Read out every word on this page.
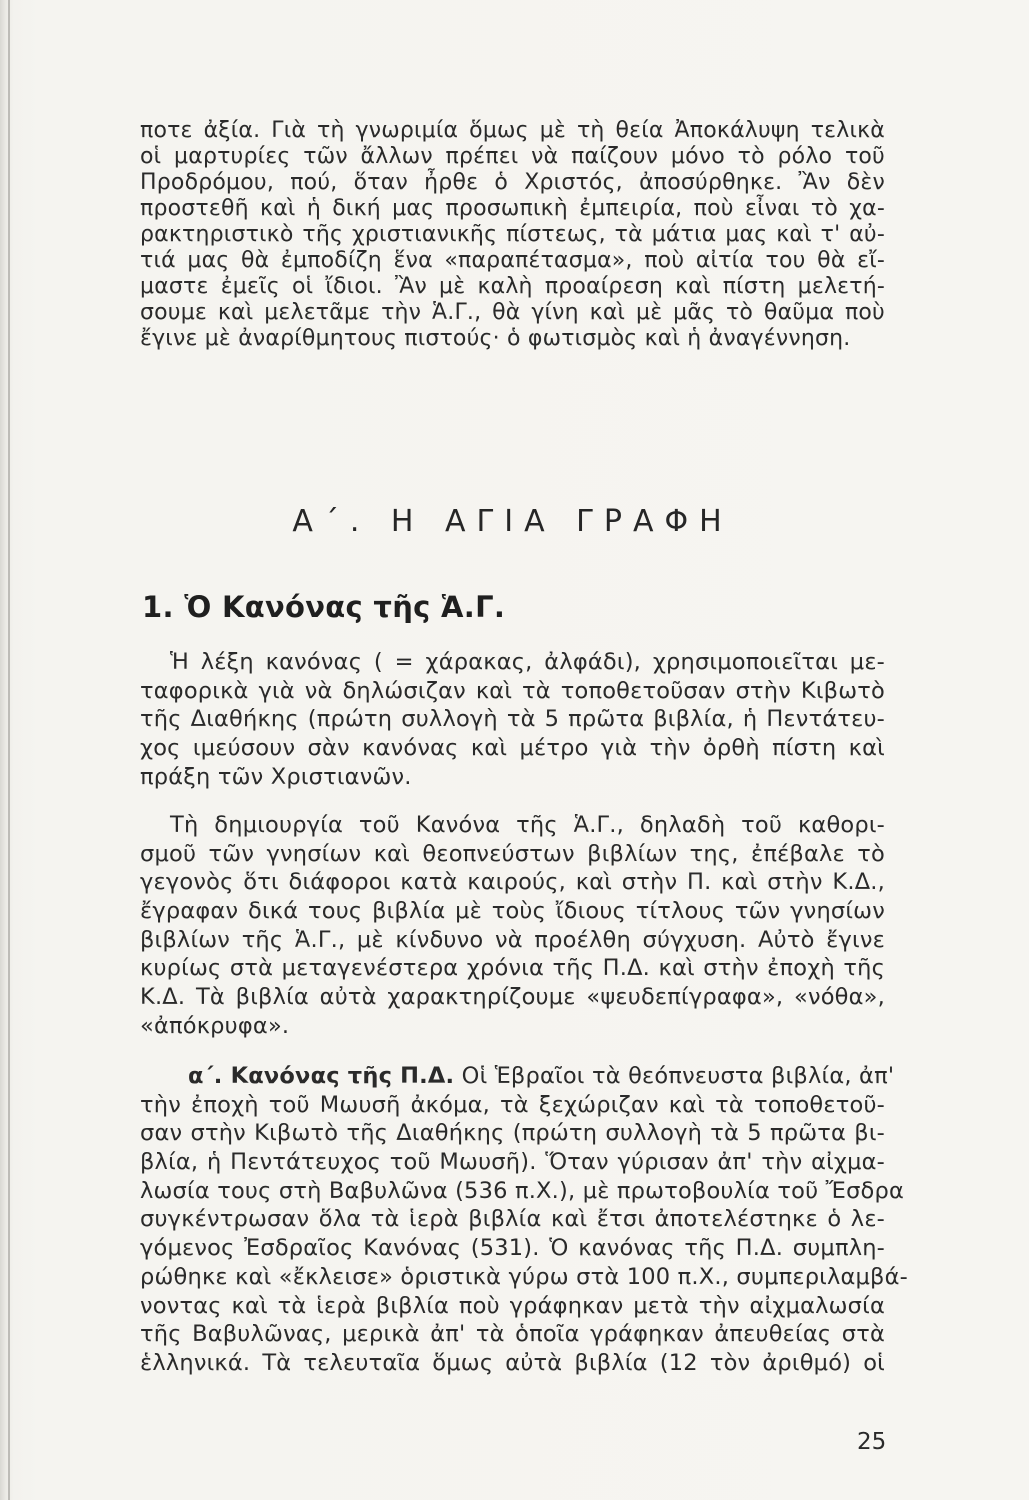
ποτε ἀξία. Γιὰ τὴ γνωριμία ὅμως μὲ τὴ θεία Ἀποκάλυψη τελικὰ
οἱ μαρτυρίες τῶν ἄλλων πρέπει νὰ παίζουν μόνο τὸ ρόλο τοῦ
Προδρόμου, πού, ὅταν ἦρθε ὁ Χριστός, ἀποσύρθηκε. Ἂν δὲν
προστεθῆ καὶ ἡ δική μας προσωπικὴ ἐμπειρία, ποὺ εἶναι τὸ χα-
ρακτηριστικὸ τῆς χριστιανικῆς πίστεως, τὰ μάτια μας καὶ τ' αὐ-
τιά μας θὰ ἐμποδίζη ἕνα «παραπέτασμα», ποὺ αἰτία του θὰ εἴ-
μαστε ἐμεῖς οἱ ἴδιοι. Ἂν μὲ καλὴ προαίρεση καὶ πίστη μελετή-
σουμε καὶ μελετᾶμε τὴν Ἁ.Γ., θὰ γίνη καὶ μὲ μᾶς τὸ θαῦμα ποὺ
ἔγινε μὲ ἀναρίθμητους πιστούς· ὁ φωτισμὸς καὶ ἡ ἀναγέννηση.
Α΄. Η ΑΓΙΑ ΓΡΑΦΗ
1. Ὁ Κανόνας τῆς Ἁ.Γ.
Ἡ λέξη κανόνας ( = χάρακας, ἀλφάδι), χρησιμοποιεῖται με-
ταφορικὰ γιὰ νὰ δηλώσιζαν καὶ τὰ τοποθετοῦσαν στὴν Κιβωτὸ
τῆς Διαθήκης (πρώτη συλλογὴ τὰ 5 πρῶτα βιβλία, ἡ Πεντάτευ-
χος ιμεύσουν σὰν κανόνας καὶ μέτρο γιὰ τὴν ὀρθὴ πίστη καὶ
πράξη τῶν Χριστιανῶν.
Τὴ δημιουργία τοῦ Κανόνα τῆς Ἁ.Γ., δηλαδὴ τοῦ καθορι-
σμοῦ τῶν γνησίων καὶ θεοπνεύστων βιβλίων της, ἐπέβαλε τὸ
γεγονὸς ὅτι διάφοροι κατὰ καιρούς, καὶ στὴν Π. καὶ στὴν Κ.Δ.,
ἔγραφαν δικά τους βιβλία μὲ τοὺς ἴδιους τίτλους τῶν γνησίων
βιβλίων τῆς Ἁ.Γ., μὲ κίνδυνο νὰ προέλθη σύγχυση. Αὐτὸ ἔγινε
κυρίως στὰ μεταγενέστερα χρόνια τῆς Π.Δ. καὶ στὴν ἐποχὴ τῆς
Κ.Δ. Τὰ βιβλία αὐτὰ χαρακτηρίζουμε «ψευδεπίγραφα», «νόθα»,
«ἀπόκρυφα».
α΄. Κανόνας τῆς Π.Δ. Οἱ Ἑβραῖοι τὰ θεόπνευστα βιβλία, ἀπ'
τὴν ἐποχὴ τοῦ Μωυσῆ ἀκόμα, τὰ ξεχώριζαν καὶ τὰ τοποθετοῦ-
σαν στὴν Κιβωτὸ τῆς Διαθήκης (πρώτη συλλογὴ τὰ 5 πρῶτα βι-
βλία, ἡ Πεντάτευχος τοῦ Μωυσῆ). Ὅταν γύρισαν ἀπ' τὴν αἰχμα-
λωσία τους στὴ Βαβυλῶνα (536 π.Χ.), μὲ πρωτοβουλία τοῦ Ἔσδρα
συγκέντρωσαν ὅλα τὰ ἱερὰ βιβλία καὶ ἔτσι ἀποτελέστηκε ὁ λε-
γόμενος Ἐσδραῖος Κανόνας (531). Ὁ κανόνας τῆς Π.Δ. συμπλη-
ρώθηκε καὶ «ἔκλεισε» ὁριστικὰ γύρω στὰ 100 π.Χ., συμπεριλαμβά-
νοντας καὶ τὰ ἱερὰ βιβλία ποὺ γράφηκαν μετὰ τὴν αἰχμαλωσία
τῆς Βαβυλῶνας, μερικὰ ἀπ' τὰ ὁποῖα γράφηκαν ἀπευθείας στὰ
ἑλληνικά. Τὰ τελευταῖα ὅμως αὐτὰ βιβλία (12 τὸν ἀριθμό) οἱ
25
